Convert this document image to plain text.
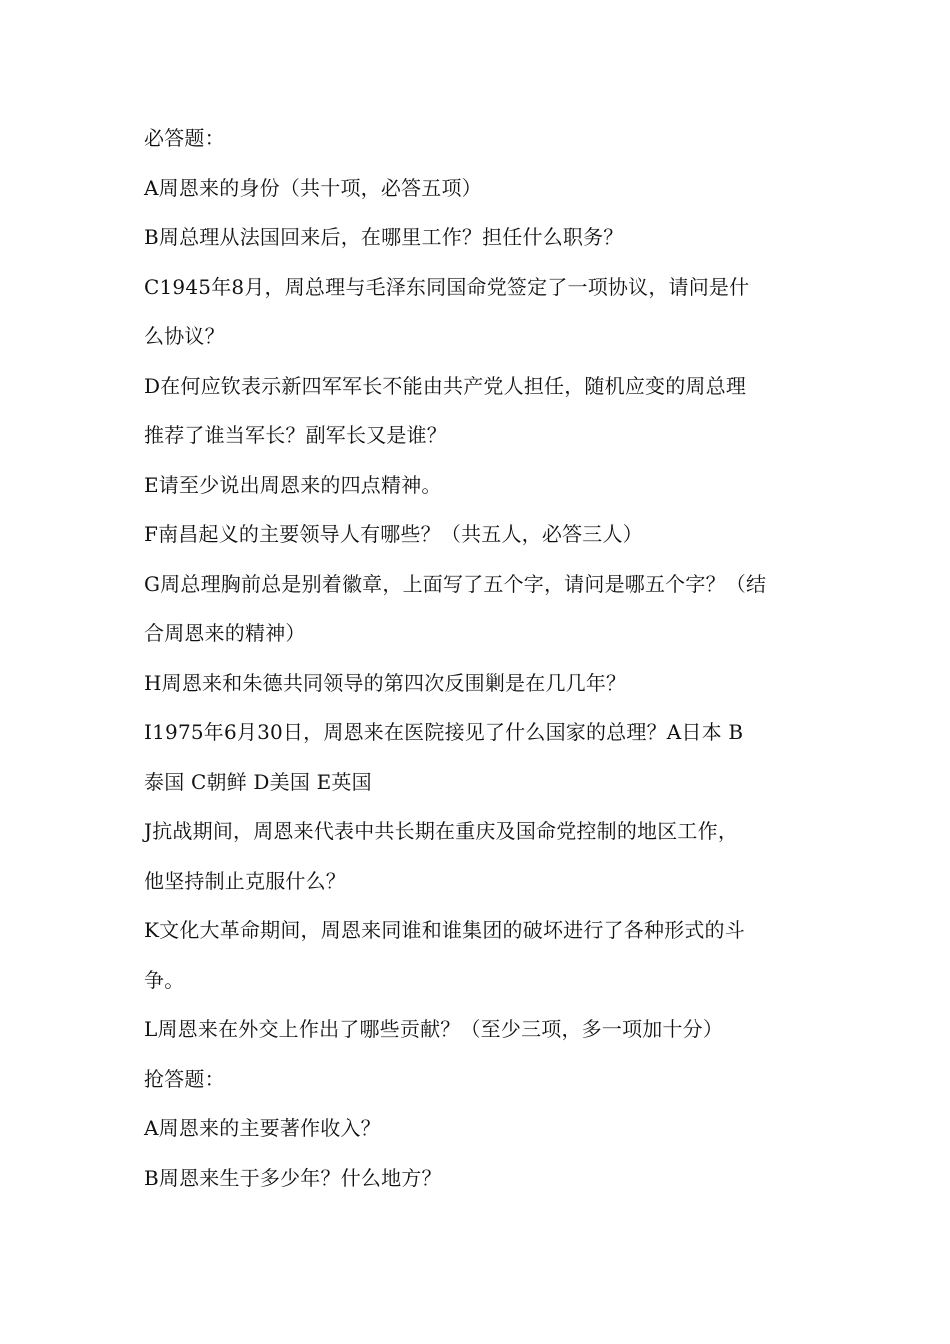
必答题：
A周恩来的身份（共十项，必答五项）
B周总理从法国回来后，在哪里工作？担任什么职务？
C1945年8月，周总理与毛泽东同国命党签定了一项协议，请问是什
么协议？
D在何应钦表示新四军军长不能由共产党人担任，随机应变的周总理
推荐了谁当军长？副军长又是谁？
E请至少说出周恩来的四点精神。
F南昌起义的主要领导人有哪些？（共五人，必答三人）
G周总理胸前总是别着徽章，上面写了五个字，请问是哪五个字？（结
合周恩来的精神）
H周恩来和朱德共同领导的第四次反围剿是在几几年？
I1975年6月30日，周恩来在医院接见了什么国家的总理？A日本 B
泰国 C朝鲜 D美国 E英国
J抗战期间，周恩来代表中共长期在重庆及国命党控制的地区工作，
他坚持制止克服什么？
K文化大革命期间，周恩来同谁和谁集团的破坏进行了各种形式的斗
争。
L周恩来在外交上作出了哪些贡献？（至少三项，多一项加十分）
抢答题：
A周恩来的主要著作收入？
B周恩来生于多少年？什么地方？
